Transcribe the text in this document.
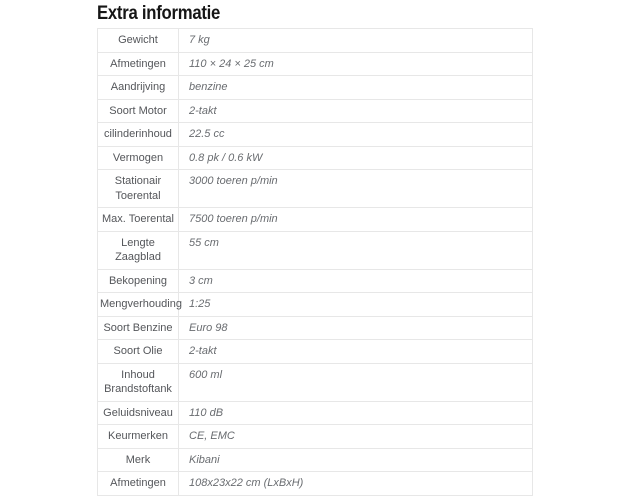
Extra informatie
Gewicht	7 kg
Afmetingen	110 × 24 × 25 cm
Aandrijving	benzine
Soort Motor	2-takt
cilinderinhoud	22.5 cc
Vermogen	0.8 pk / 0.6 kW
Stationair Toerental	3000 toeren p/min
Max. Toerental	7500 toeren p/min
Lengte Zaagblad	55 cm
Bekopening	3 cm
Mengverhouding	1:25
Soort Benzine	Euro 98
Soort Olie	2-takt
Inhoud Brandstoftank	600 ml
Geluidsniveau	110 dB
Keurmerken	CE, EMC
Merk	Kibani
Afmetingen	108x23x22 cm (LxBxH)
